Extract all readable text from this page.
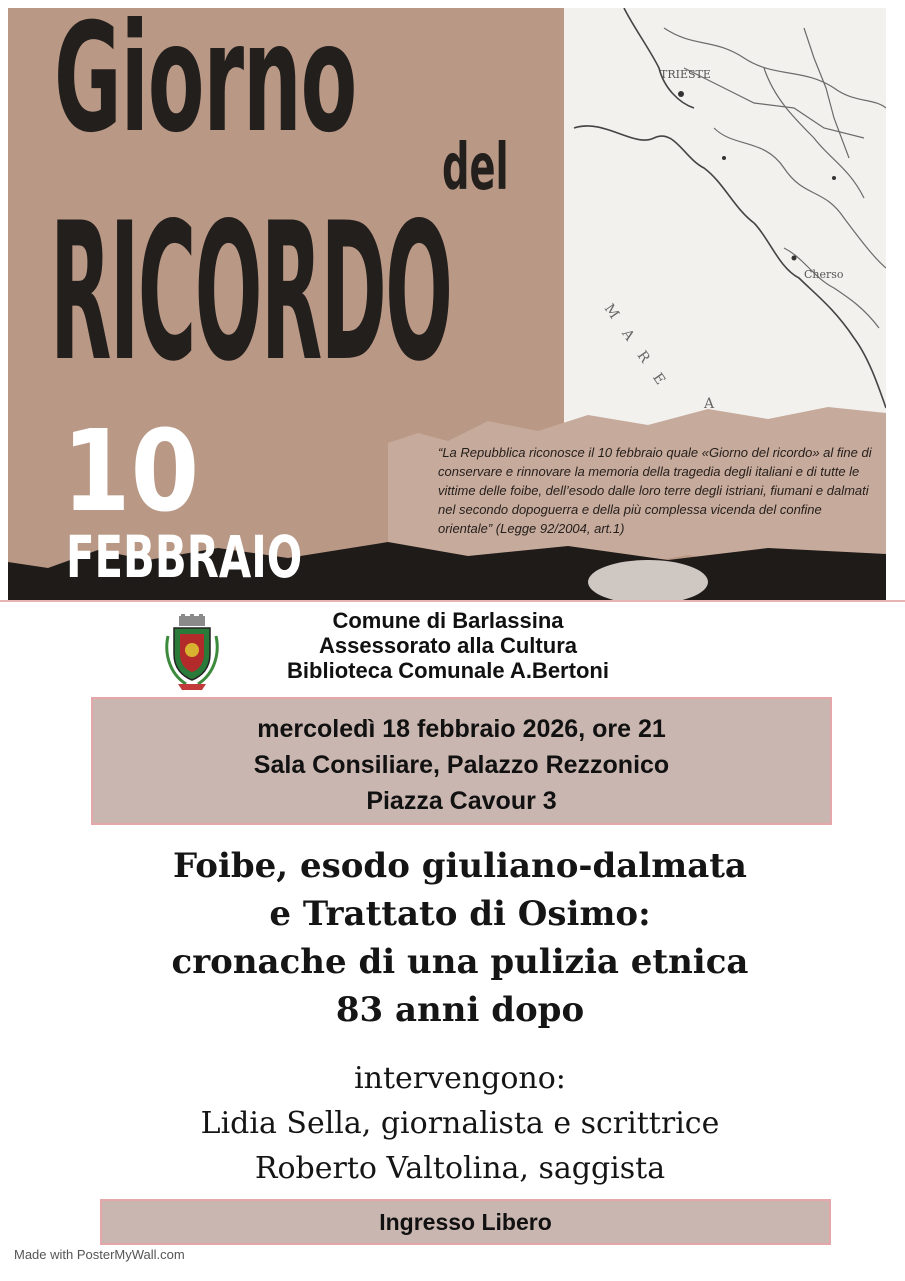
TRIESTE
Cherso
M A R E
A
Giorno
del
RICORDO
10
FEBBRAIO
“La Repubblica riconosce il 10 febbraio quale «Giorno del ricordo» al fine di conservare e rinnovare la memoria della tragedia degli italiani e di tutte le vittime delle foibe, dell’esodo dalle loro terre degli istriani, fiumani e dalmati nel secondo dopoguerra e della più complessa vicenda del confine orientale” (Legge 92/2004, art.1)
Comune di Barlassina
Assessorato alla Cultura
Biblioteca Comunale A.Bertoni
mercoledì 18 febbraio 2026, ore 21
Sala Consiliare, Palazzo Rezzonico
Piazza Cavour 3
Foibe, esodo giuliano-dalmata
e Trattato di Osimo:
cronache di una pulizia etnica
83 anni dopo
intervengono:
Lidia Sella, giornalista e scrittrice
Roberto Valtolina, saggista
Ingresso Libero
Made with PosterMyWall.com
